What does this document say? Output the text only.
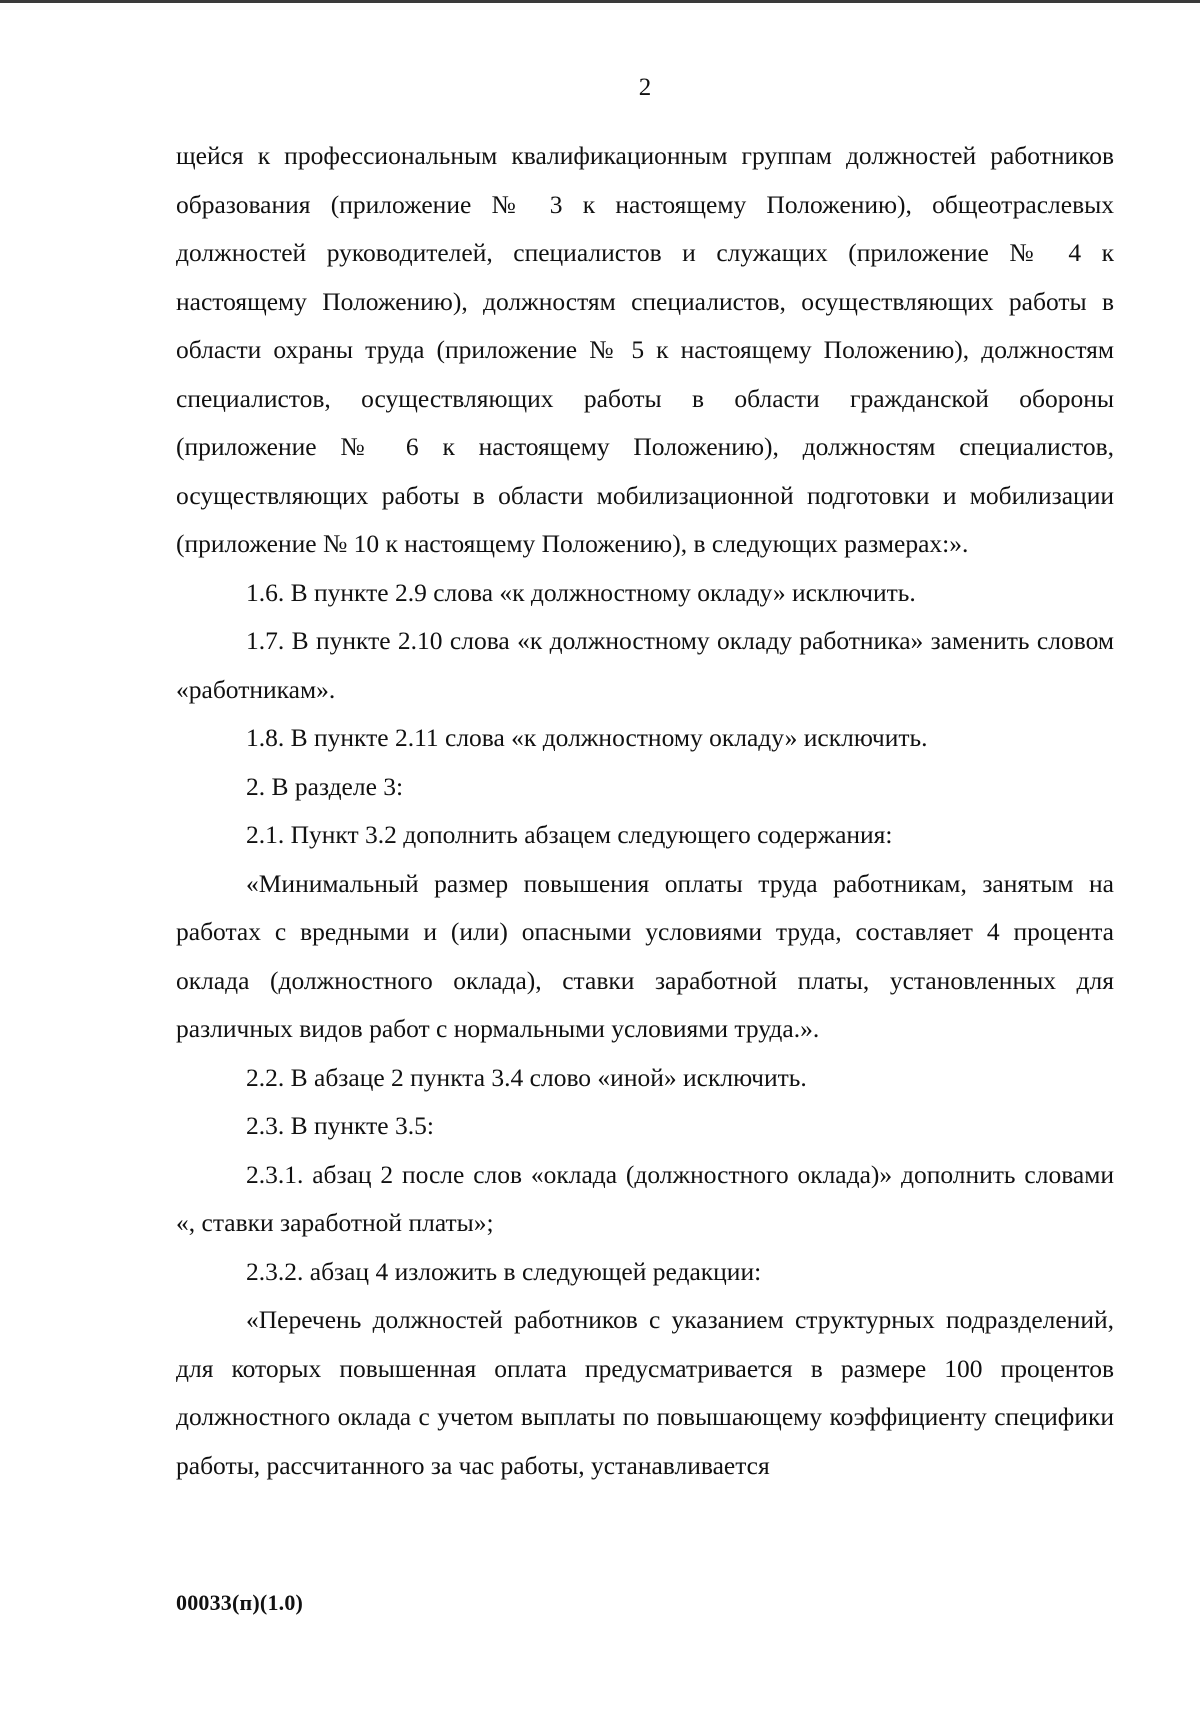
2

щейся к профессиональным квалификационным группам должностей работников образования (приложение № 3 к настоящему Положению), общеотраслевых должностей руководителей, специалистов и служащих (приложение № 4 к настоящему Положению), должностям специалистов, осуществляющих работы в области охраны труда (приложение № 5 к настоящему Положению), должностям специалистов, осуществляющих работы в области гражданской обороны (приложение № 6 к настоящему Положению), должностям специалистов, осуществляющих работы в области мобилизационной подготовки и мобилизации (приложение № 10 к настоящему Положению), в следующих размерах:».

1.6. В пункте 2.9 слова «к должностному окладу» исключить.

1.7. В пункте 2.10 слова «к должностному окладу работника» заменить словом «работникам».

1.8. В пункте 2.11 слова «к должностному окладу» исключить.

2. В разделе 3:

2.1. Пункт 3.2 дополнить абзацем следующего содержания:

«Минимальный размер повышения оплаты труда работникам, занятым на работах с вредными и (или) опасными условиями труда, составляет 4 процента оклада (должностного оклада), ставки заработной платы, установленных для различных видов работ с нормальными условиями труда.».

2.2. В абзаце 2 пункта 3.4 слово «иной» исключить.

2.3. В пункте 3.5:

2.3.1. абзац 2 после слов «оклада (должностного оклада)» дополнить словами «, ставки заработной платы»;

2.3.2. абзац 4 изложить в следующей редакции:

«Перечень должностей работников с указанием структурных подразделений, для которых повышенная оплата предусматривается в размере 100 процентов должностного оклада с учетом выплаты по повышающему коэффициенту специфики работы, рассчитанного за час работы, устанавливается

00033(п)(1.0)
